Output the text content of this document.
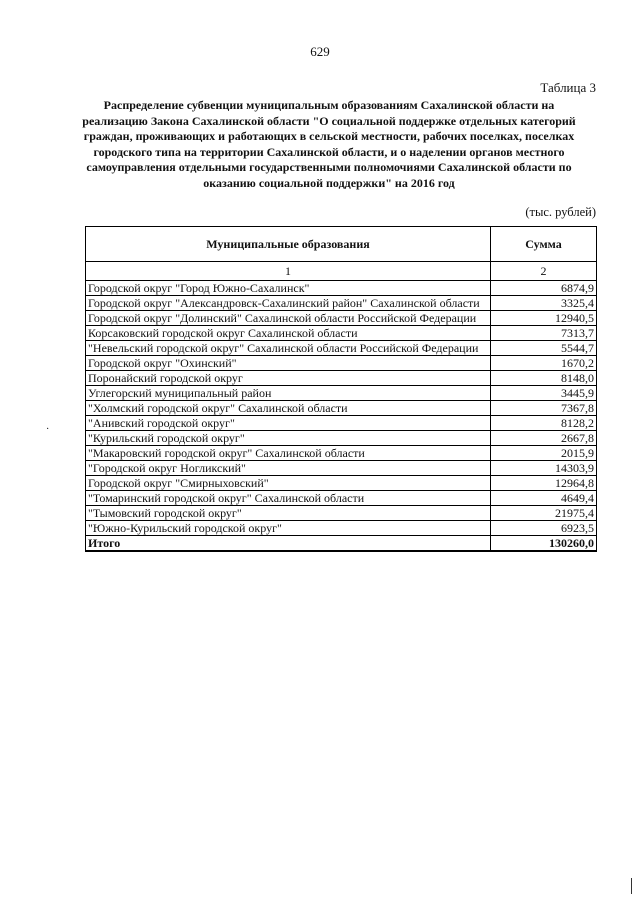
629
Таблица 3
Распределение субвенции муниципальным образованиям Сахалинской области на реализацию Закона Сахалинской области "О социальной поддержке отдельных категорий граждан, проживающих и работающих в сельской местности, рабочих поселках, поселках городского типа на территории Сахалинской области, и о наделении органов местного самоуправления отдельными государственными полномочиями Сахалинской области по оказанию социальной поддержки" на 2016 год
(тыс. рублей)
Муниципальные образования	Сумма
1	2
Городской округ "Город Южно-Сахалинск"	6874,9
Городской округ "Александровск-Сахалинский район" Сахалинской области	3325,4
Городской округ "Долинский" Сахалинской области Российской Федерации	12940,5
Корсаковский городской округ Сахалинской области	7313,7
"Невельский городской округ" Сахалинской области Российской Федерации	5544,7
Городской округ "Охинский"	1670,2
Поронайский городской округ	8148,0
Углегорский муниципальный район	3445,9
"Холмский городской округ" Сахалинской области	7367,8
"Анивский городской округ"	8128,2
"Курильский городской округ"	2667,8
"Макаровский городской округ" Сахалинской области	2015,9
"Городской округ Ногликский"	14303,9
Городской округ "Смирныховский"	12964,8
"Томаринский городской округ" Сахалинской области	4649,4
"Тымовский городской округ"	21975,4
"Южно-Курильский городской округ"	6923,5
Итого	130260,0
·
